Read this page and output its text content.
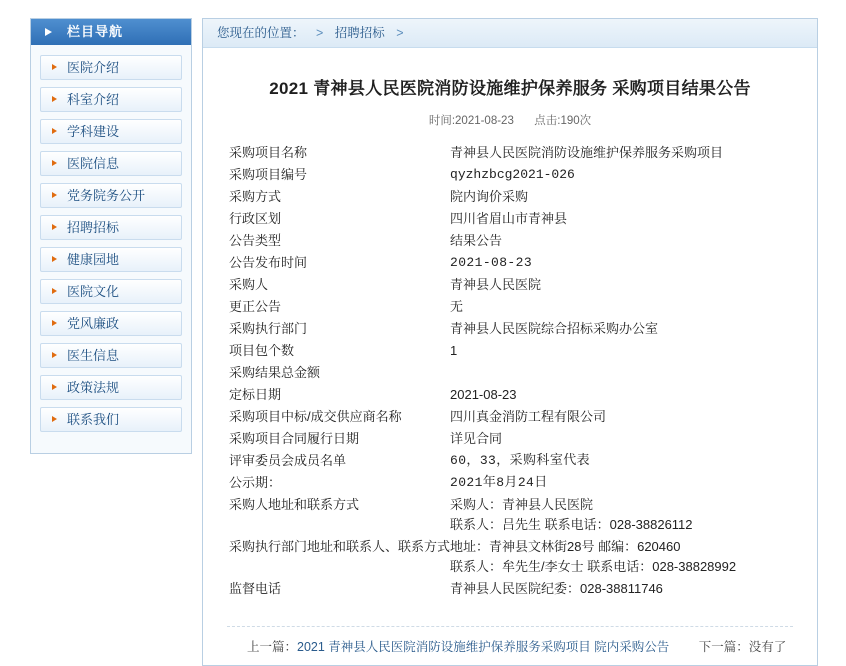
栏目导航
医院介绍
科室介绍
学科建设
医院信息
党务院务公开
招聘招标
健康园地
医院文化
党风廉政
医生信息
政策法规
联系我们
您现在的位置： > 招聘招标 >
2021 青神县人民医院消防设施维护保养服务 采购项目结果公告
时间:2021-08-23 点击:190次
采购项目名称	青神县人民医院消防设施维护保养服务采购项目
采购项目编号	qyzhzbcg2021-026
采购方式	院内询价采购
行政区划	四川省眉山市青神县
公告类型	结果公告
公告发布时间	2021-08-23
采购人	青神县人民医院
更正公告	无
采购执行部门	青神县人民医院综合招标采购办公室
项目包个数	1
采购结果总金额	
定标日期	2021-08-23
采购项目中标/成交供应商名称	四川真金消防工程有限公司
采购项目合同履行日期	详见合同
评审委员会成员名单	60，33，采购科室代表
公示期：	2021年8月24日
采购人地址和联系方式	采购人：青神县人民医院
联系人：吕先生 联系电话：028-38826112

采购执行部门地址和联系人、联系方式	地址：青神县文林街28号 邮编：620460
联系人：牟先生/李女士 联系电话：028-38828992

监督电话	青神县人民医院纪委：028-38811746
上一篇：2021 青神县人民医院消防设施维护保养服务采购项目 院内采购公告 下一篇：没有了
